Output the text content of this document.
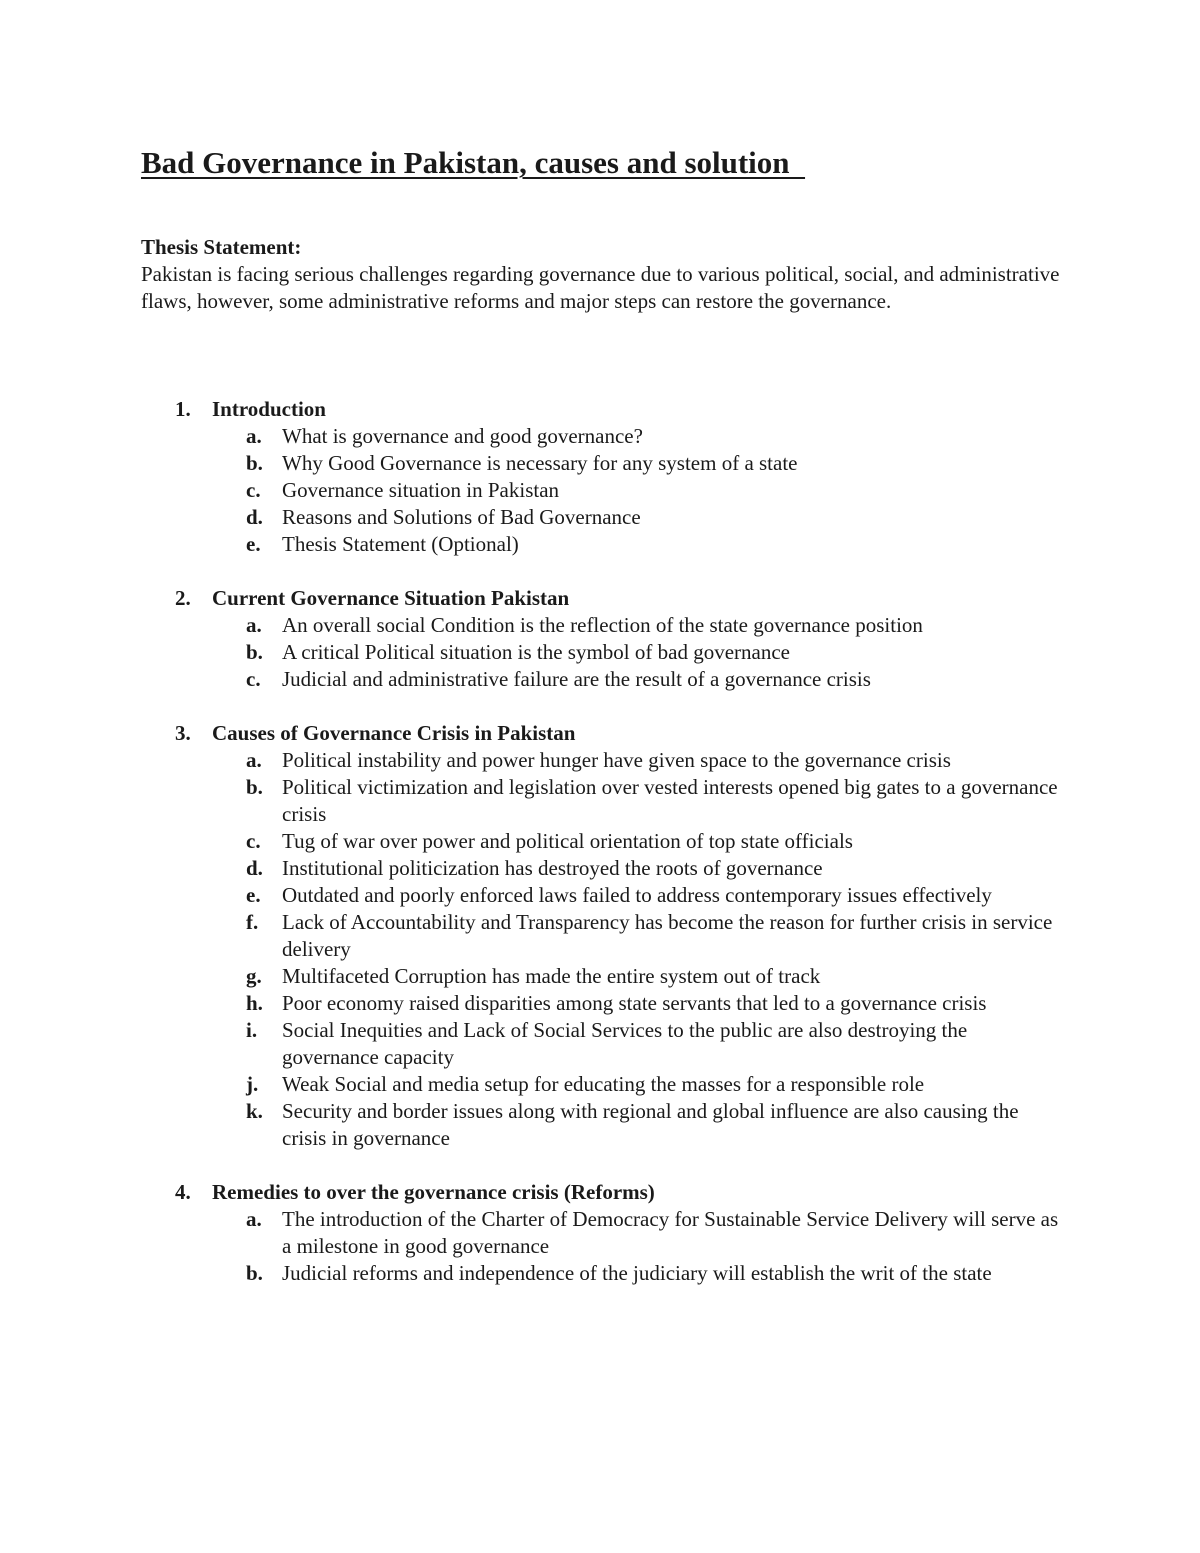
Bad Governance in Pakistan, causes and solution
Thesis Statement:
Pakistan is facing serious challenges regarding governance due to various political, social, and administrative flaws, however, some administrative reforms and major steps can restore the governance.
1.	Introduction
a. What is governance and good governance?
b. Why Good Governance is necessary for any system of a state
c.	Governance situation in Pakistan
d. Reasons and Solutions of Bad Governance
e.	Thesis Statement (Optional)
2.	Current Governance Situation Pakistan
a. An overall social Condition is the reflection of the state governance position
b. A critical Political situation is the symbol of bad governance
c.	Judicial and administrative failure are the result of a governance crisis
3.	Causes of Governance Crisis in Pakistan
a. Political instability and power hunger have given space to the governance crisis
b. Political victimization and legislation over vested interests opened big gates to a governance crisis
c.	Tug of war over power and political orientation of top state officials
d. Institutional politicization has destroyed the roots of governance
e.	Outdated and poorly enforced laws failed to address contemporary issues effectively
f.	Lack of Accountability and Transparency has become the reason for further crisis in service delivery
g. Multifaceted Corruption has made the entire system out of track
h. Poor economy raised disparities among state servants that led to a governance crisis
i.	Social Inequities and Lack of Social Services to the public are also destroying the governance capacity
j.	Weak Social and media setup for educating the masses for a responsible role
k. Security and border issues along with regional and global influence are also causing the crisis in governance
4.	Remedies to over the governance crisis (Reforms)
a. The introduction of the Charter of Democracy for Sustainable Service Delivery will serve as a milestone in good governance
b. Judicial reforms and independence of the judiciary will establish the writ of the state
